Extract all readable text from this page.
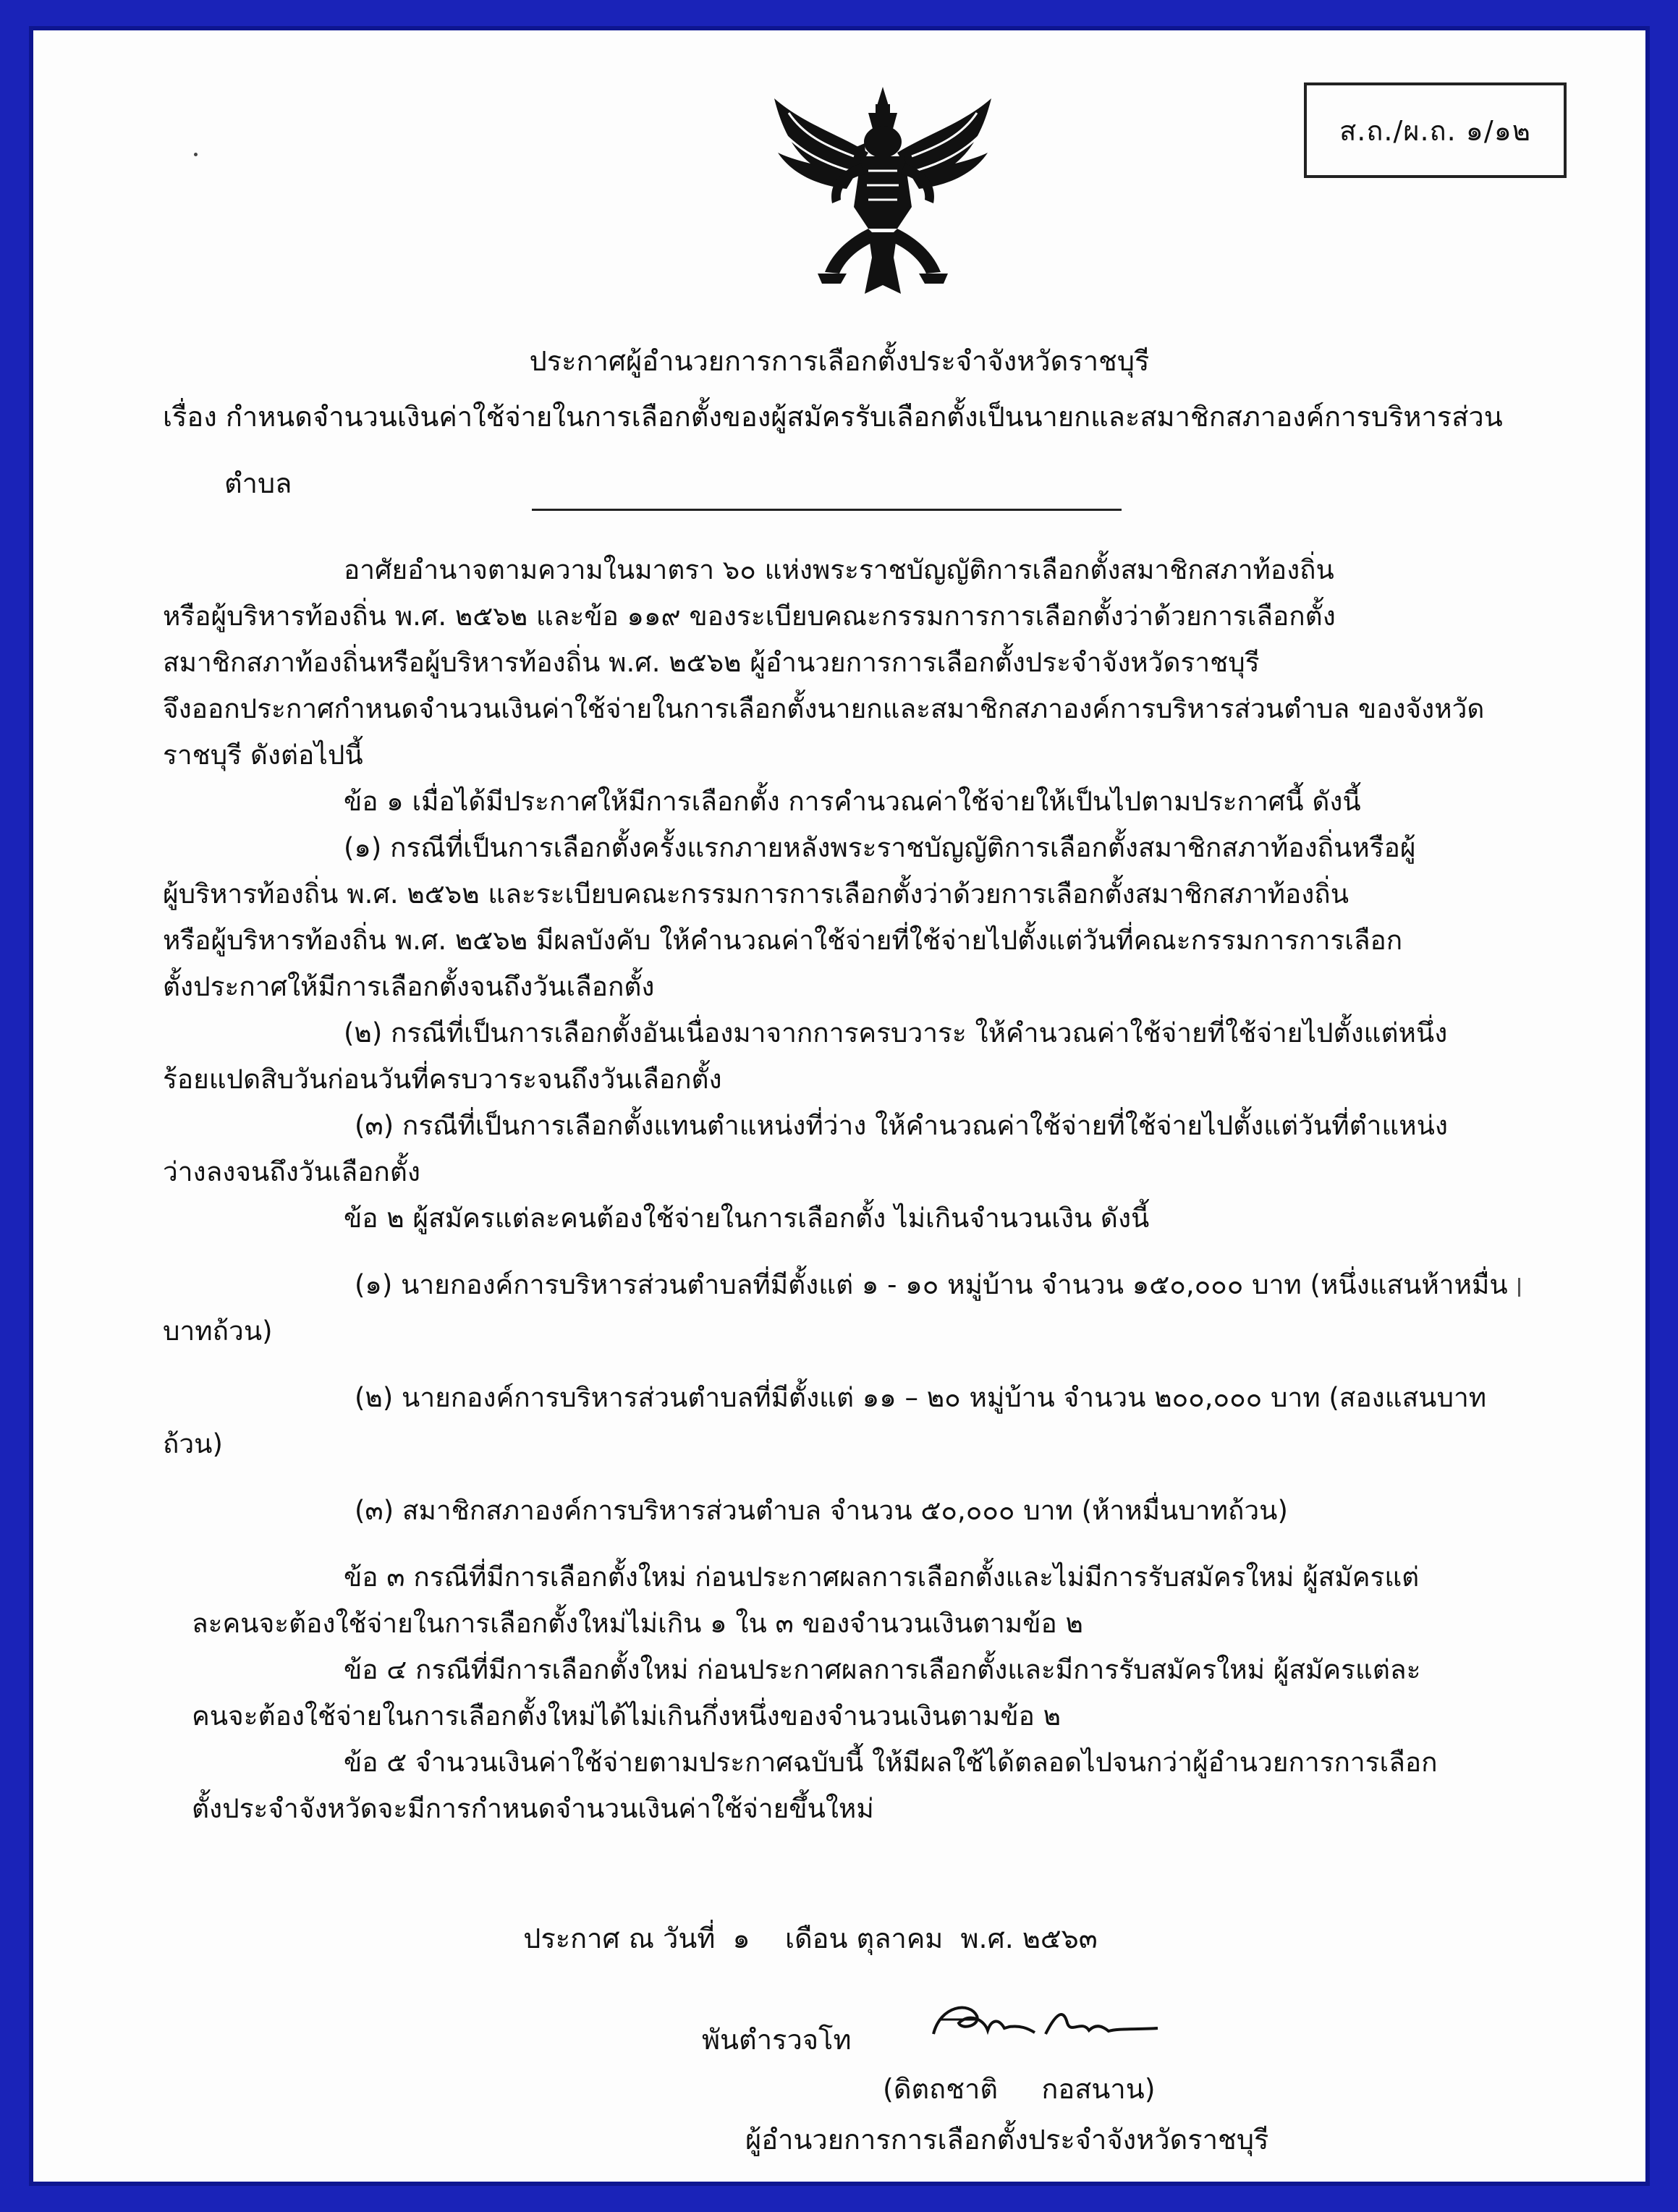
ส.ถ./ผ.ถ. ๑/๑๒
ประกาศผู้อำนวยการการเลือกตั้งประจำจังหวัดราชบุรี
เรื่อง กำหนดจำนวนเงินค่าใช้จ่ายในการเลือกตั้งของผู้สมัครรับเลือกตั้งเป็นนายกและสมาชิกสภาองค์การบริหารส่วน
ตำบล
อาศัยอำนาจตามความในมาตรา ๖๐ แห่งพระราชบัญญัติการเลือกตั้งสมาชิกสภาท้องถิ่น
หรือผู้บริหารท้องถิ่น พ.ศ. ๒๕๖๒ และข้อ ๑๑๙ ของระเบียบคณะกรรมการการเลือกตั้งว่าด้วยการเลือกตั้ง
สมาชิกสภาท้องถิ่นหรือผู้บริหารท้องถิ่น พ.ศ. ๒๕๖๒ ผู้อำนวยการการเลือกตั้งประจำจังหวัดราชบุรี
จึงออกประกาศกำหนดจำนวนเงินค่าใช้จ่ายในการเลือกตั้งนายกและสมาชิกสภาองค์การบริหารส่วนตำบล ของจังหวัด
ราชบุรี ดังต่อไปนี้
ข้อ ๑ เมื่อได้มีประกาศให้มีการเลือกตั้ง การคำนวณค่าใช้จ่ายให้เป็นไปตามประกาศนี้ ดังนี้
(๑) กรณีที่เป็นการเลือกตั้งครั้งแรกภายหลังพระราชบัญญัติการเลือกตั้งสมาชิกสภาท้องถิ่นหรือผู้
ผู้บริหารท้องถิ่น พ.ศ. ๒๕๖๒ และระเบียบคณะกรรมการการเลือกตั้งว่าด้วยการเลือกตั้งสมาชิกสภาท้องถิ่น
หรือผู้บริหารท้องถิ่น พ.ศ. ๒๕๖๒ มีผลบังคับ ให้คำนวณค่าใช้จ่ายที่ใช้จ่ายไปตั้งแต่วันที่คณะกรรมการการเลือก
ตั้งประกาศให้มีการเลือกตั้งจนถึงวันเลือกตั้ง
(๒) กรณีที่เป็นการเลือกตั้งอันเนื่องมาจากการครบวาระ ให้คำนวณค่าใช้จ่ายที่ใช้จ่ายไปตั้งแต่หนึ่ง
ร้อยแปดสิบวันก่อนวันที่ครบวาระจนถึงวันเลือกตั้ง
(๓) กรณีที่เป็นการเลือกตั้งแทนตำแหน่งที่ว่าง ให้คำนวณค่าใช้จ่ายที่ใช้จ่ายไปตั้งแต่วันที่ตำแหน่ง
ว่างลงจนถึงวันเลือกตั้ง
ข้อ ๒ ผู้สมัครแต่ละคนต้องใช้จ่ายในการเลือกตั้ง ไม่เกินจำนวนเงิน ดังนี้
(๑) นายกองค์การบริหารส่วนตำบลที่มีตั้งแต่ ๑ - ๑๐ หมู่บ้าน จำนวน ๑๕๐,๐๐๐ บาท (หนึ่งแสนห้าหมื่น
บาทถ้วน)
(๒) นายกองค์การบริหารส่วนตำบลที่มีตั้งแต่ ๑๑ – ๒๐ หมู่บ้าน จำนวน ๒๐๐,๐๐๐ บาท (สองแสนบาท
ถ้วน)
(๓) สมาชิกสภาองค์การบริหารส่วนตำบล จำนวน ๕๐,๐๐๐ บาท (ห้าหมื่นบาทถ้วน)
ข้อ ๓ กรณีที่มีการเลือกตั้งใหม่ ก่อนประกาศผลการเลือกตั้งและไม่มีการรับสมัครใหม่ ผู้สมัครแต่
ละคนจะต้องใช้จ่ายในการเลือกตั้งใหม่ไม่เกิน ๑ ใน ๓ ของจำนวนเงินตามข้อ ๒
ข้อ ๔ กรณีที่มีการเลือกตั้งใหม่ ก่อนประกาศผลการเลือกตั้งและมีการรับสมัครใหม่ ผู้สมัครแต่ละ
คนจะต้องใช้จ่ายในการเลือกตั้งใหม่ได้ไม่เกินกึ่งหนึ่งของจำนวนเงินตามข้อ ๒
ข้อ ๕ จำนวนเงินค่าใช้จ่ายตามประกาศฉบับนี้ ให้มีผลใช้ได้ตลอดไปจนกว่าผู้อำนวยการการเลือก
ตั้งประจำจังหวัดจะมีการกำหนดจำนวนเงินค่าใช้จ่ายขึ้นใหม่
ประกาศ ณ วันที่  ๑    เดือน ตุลาคม  พ.ศ. ๒๕๖๓
พันตำรวจโท
(ดิตถชาติ     กอสนาน)
ผู้อำนวยการการเลือกตั้งประจำจังหวัดราชบุรี
